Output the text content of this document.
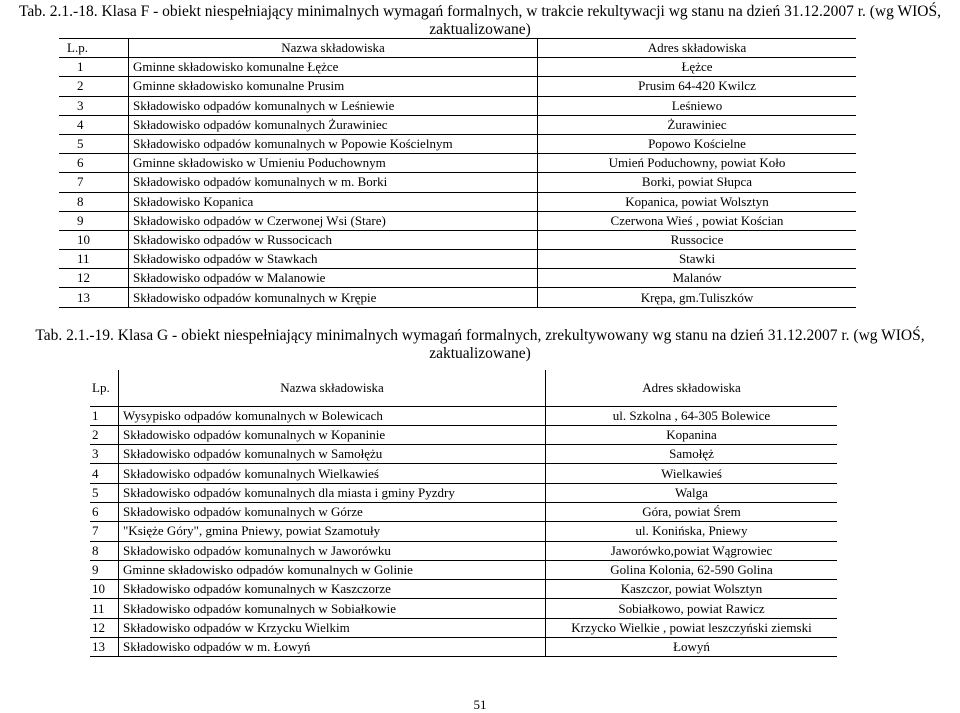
Tab. 2.1.-18. Klasa F - obiekt niespełniający minimalnych wymagań formalnych, w trakcie rekultywacji wg stanu na dzień 31.12.2007 r. (wg WIOŚ,
zaktualizowane)
L.p.	Nazwa składowiska	Adres składowiska
1	Gminne składowisko komunalne Łężce	Łężce
2	Gminne składowisko komunalne Prusim	Prusim 64-420 Kwilcz
3	Składowisko odpadów komunalnych w Leśniewie	Leśniewo
4	Składowisko odpadów komunalnych Żurawiniec	Żurawiniec
5	Składowisko odpadów komunalnych w Popowie Kościelnym	Popowo Kościelne
6	Gminne składowisko w Umieniu Poduchownym	Umień Poduchowny, powiat Koło
7	Składowisko odpadów komunalnych w m. Borki	Borki, powiat Słupca
8	Składowisko Kopanica	Kopanica, powiat Wolsztyn
9	Składowisko odpadów w Czerwonej Wsi (Stare)	Czerwona Wieś , powiat Kościan
10	Składowisko odpadów w Russocicach	Russocice
11	Składowisko odpadów w Stawkach	Stawki
12	Składowisko odpadów w Malanowie	Malanów
13	Składowisko odpadów komunalnych w Krępie	Krępa, gm.Tuliszków
Tab. 2.1.-19. Klasa G - obiekt niespełniający minimalnych wymagań formalnych, zrekultywowany wg stanu na dzień 31.12.2007 r. (wg WIOŚ,
zaktualizowane)
Lp.	Nazwa składowiska	Adres składowiska
1	Wysypisko odpadów komunalnych w Bolewicach	ul. Szkolna , 64-305 Bolewice
2	Składowisko odpadów komunalnych w Kopaninie	Kopanina
3	Składowisko odpadów komunalnych w Samołężu	Samołęż
4	Składowisko odpadów komunalnych Wielkawieś	Wielkawieś
5	Składowisko odpadów komunalnych dla miasta i gminy Pyzdry	Walga
6	Składowisko odpadów komunalnych w Górze	Góra, powiat Śrem
7	"Księże Góry", gmina Pniewy, powiat Szamotuły	ul. Konińska, Pniewy
8	Składowisko odpadów komunalnych w Jaworówku	Jaworówko,powiat Wągrowiec
9	Gminne składowisko odpadów komunalnych w Golinie	Golina Kolonia, 62-590 Golina
10	Składowisko odpadów komunalnych w Kaszczorze	Kaszczor, powiat Wolsztyn
11	Składowisko odpadów komunalnych w Sobiałkowie	Sobiałkowo, powiat Rawicz
12	Składowisko odpadów w Krzycku Wielkim	Krzycko Wielkie , powiat leszczyński ziemski
13	Składowisko odpadów w m. Łowyń	Łowyń
51
